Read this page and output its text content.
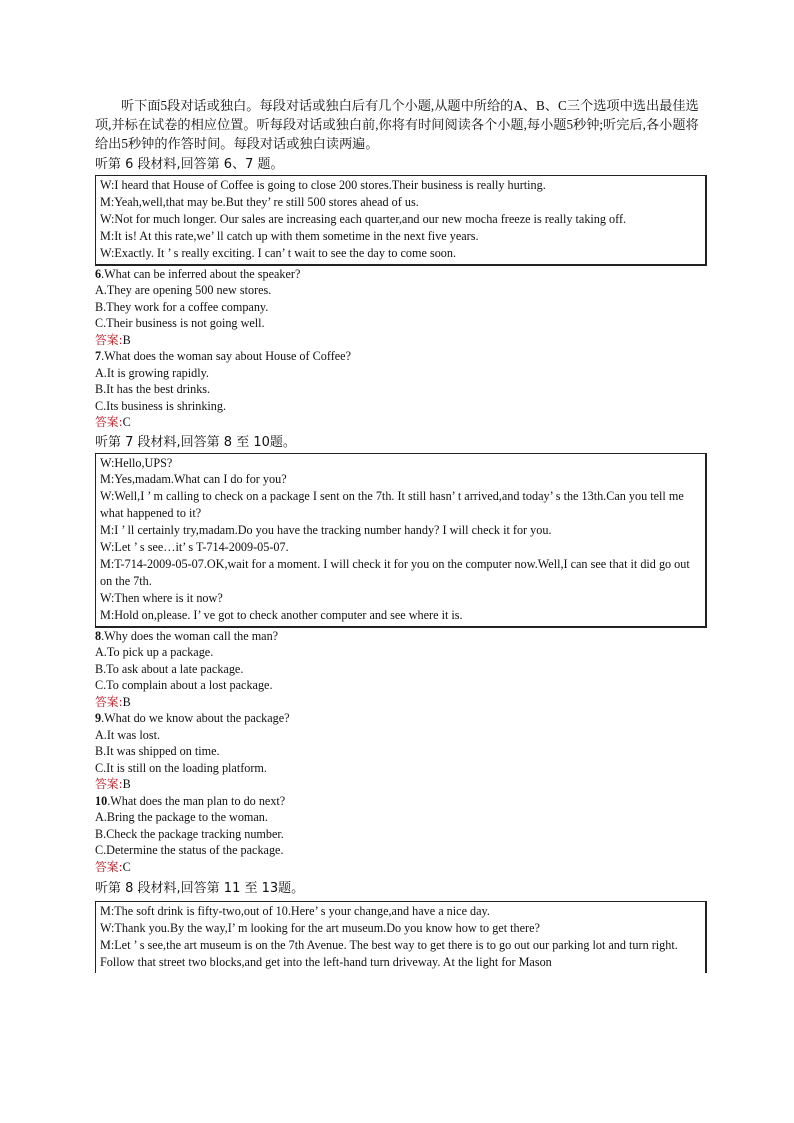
听下面5段对话或独白。每段对话或独白后有几个小题,从题中所给的A、B、C三个选项中选出最佳选项,并标在试卷的相应位置。听每段对话或独白前,你将有时间阅读各个小题,每小题5秒钟;听完后,各小题将给出5秒钟的作答时间。每段对话或独白读两遍。

听第 6 段材料,回答第 6、7 题。

W:I heard that House of Coffee is going to close 200 stores.Their business is really hurting.

M:Yeah,well,that may be.But they’ re still 500 stores ahead of us.

W:Not for much longer. Our sales are increasing each quarter,and our new mocha freeze is really taking off.

M:It is! At this rate,we’ ll catch up with them sometime in the next five years.

W:Exactly. It ’ s really exciting. I can’ t wait to see the day to come soon.

6.What can be inferred about the speaker?

A.They are opening 500 new stores.

B.They work for a coffee company.

C.Their business is not going well.

答案:B

7.What does the woman say about House of Coffee?

A.It is growing rapidly.

B.It has the best drinks.

C.Its business is shrinking.

答案:C

听第 7 段材料,回答第 8 至 10题。

W:Hello,UPS?

M:Yes,madam.What can I do for you?

W:Well,I ’ m calling to check on a package I sent on the 7th. It still hasn’ t arrived,and today’ s the 13th.Can you tell me what happened to it?

M:I ’ ll certainly try,madam.Do you have the tracking number handy? I will check it for you.

W:Let ’ s see…it’ s T-714-2009-05-07.

M:T-714-2009-05-07.OK,wait for a moment. I will check it for you on the computer now.Well,I can see that it did go out on the 7th.

W:Then where is it now?

M:Hold on,please. I’ ve got to check another computer and see where it is.

8.Why does the woman call the man?

A.To pick up a package.

B.To ask about a late package.

C.To complain about a lost package.

答案:B

9.What do we know about the package?

A.It was lost.

B.It was shipped on time.

C.It is still on the loading platform.

答案:B

10.What does the man plan to do next?

A.Bring the package to the woman.

B.Check the package tracking number.

C.Determine the status of the package.

答案:C

听第 8 段材料,回答第 11 至 13题。

M:The soft drink is fifty-two,out of 10.Here’ s your change,and have a nice day.

W:Thank you.By the way,I’ m looking for the art museum.Do you know how to get there?

M:Let ’ s see,the art museum is on the 7th Avenue. The best way to get there is to go out our parking lot and turn right. Follow that street two blocks,and get into the left-hand turn driveway. At the light for Mason
